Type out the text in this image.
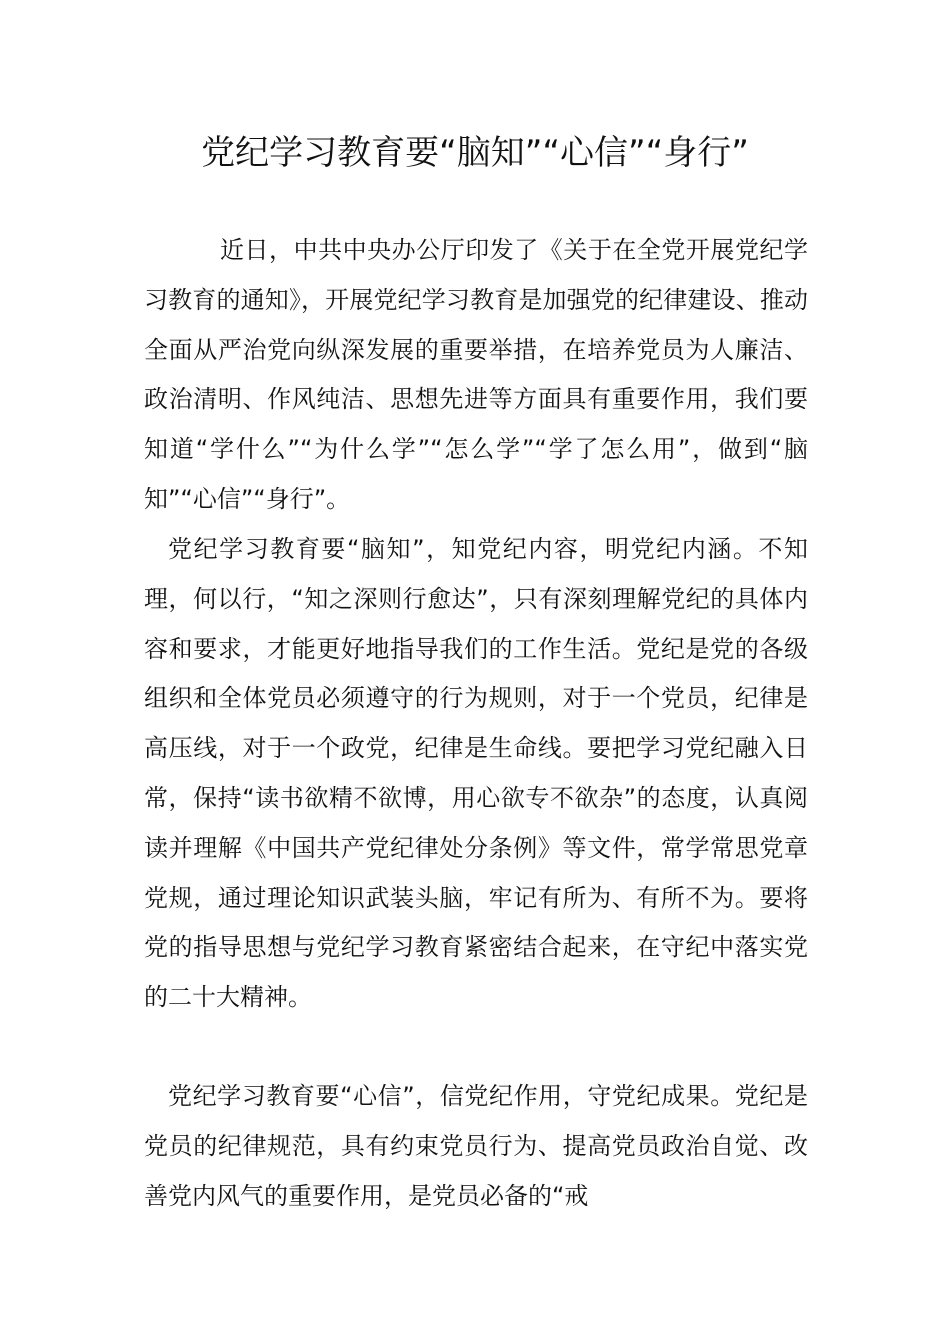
党纪学习教育要“脑知”“心信”“身行”

近日，中共中央办公厅印发了《关于在全党开展党纪学习教育的通知》，开展党纪学习教育是加强党的纪律建设、推动全面从严治党向纵深发展的重要举措，在培养党员为人廉洁、政治清明、作风纯洁、思想先进等方面具有重要作用，我们要知道“学什么”“为什么学”“怎么学”“学了怎么用”，做到“脑知”“心信”“身行”。

党纪学习教育要“脑知”，知党纪内容，明党纪内涵。不知理，何以行，“知之深则行愈达”，只有深刻理解党纪的具体内容和要求，才能更好地指导我们的工作生活。党纪是党的各级组织和全体党员必须遵守的行为规则，对于一个党员，纪律是高压线，对于一个政党，纪律是生命线。要把学习党纪融入日常，保持“读书欲精不欲博，用心欲专不欲杂”的态度，认真阅读并理解《中国共产党纪律处分条例》等文件，常学常思党章党规，通过理论知识武装头脑，牢记有所为、有所不为。要将党的指导思想与党纪学习教育紧密结合起来，在守纪中落实党的二十大精神。

党纪学习教育要“心信”，信党纪作用，守党纪成果。党纪是党员的纪律规范，具有约束党员行为、提高党员政治自觉、改善党内风气的重要作用，是党员必备的“戒
